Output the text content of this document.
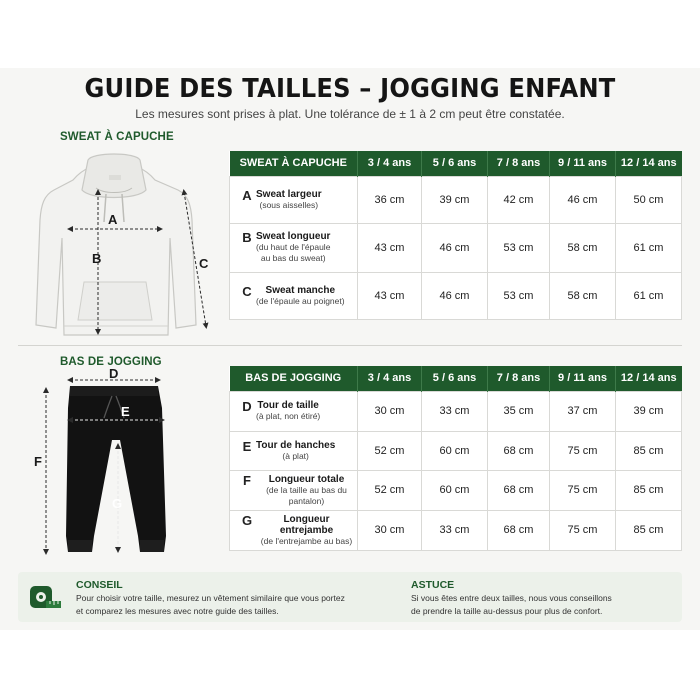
GUIDE DES TAILLES – JOGGING ENFANT

Les mesures sont prises à plat. Une tolérance de ± 1 à 2 cm peut être constatée.

SWEAT À CAPUCHE
A
B	C
SWEAT À CAPUCHE	3 / 4 ans	5 / 6 ans	7 / 8 ans	9 / 11 ans	12 / 14 ans

A Sweat largeur
(sous aisselles)	36 cm	39 cm	42 cm	46 cm	50 cm

B Sweat longueur
(du haut de l'épaule
au bas du sweat)	43 cm	46 cm	53 cm	58 cm	61 cm

C Sweat manche
(de l'épaule au poignet)	43 cm	46 cm	53 cm	58 cm	61 cm
BAS DE JOGGING
D
E
F
G
BAS DE JOGGING	3 / 4 ans	5 / 6 ans	7 / 8 ans	9 / 11 ans	12 / 14 ans

D Tour de taille
(à plat, non étiré)	30 cm	33 cm	35 cm	37 cm	39 cm

E Tour de hanches
(à plat)	52 cm	60 cm	68 cm	75 cm	85 cm

F Longueur totale
(de la taille au bas du pantalon)	52 cm	60 cm	68 cm	75 cm	85 cm

G Longueur entrejambe
(de l'entrejambe au bas)	30 cm	33 cm	68 cm	75 cm	85 cm
CONSEIL
Pour choisir votre taille, mesurez un vêtement similaire que vous portez
et comparez les mesures avec notre guide des tailles.
ASTUCE
Si vous êtes entre deux tailles, nous vous conseillons
de prendre la taille au-dessus pour plus de confort.
